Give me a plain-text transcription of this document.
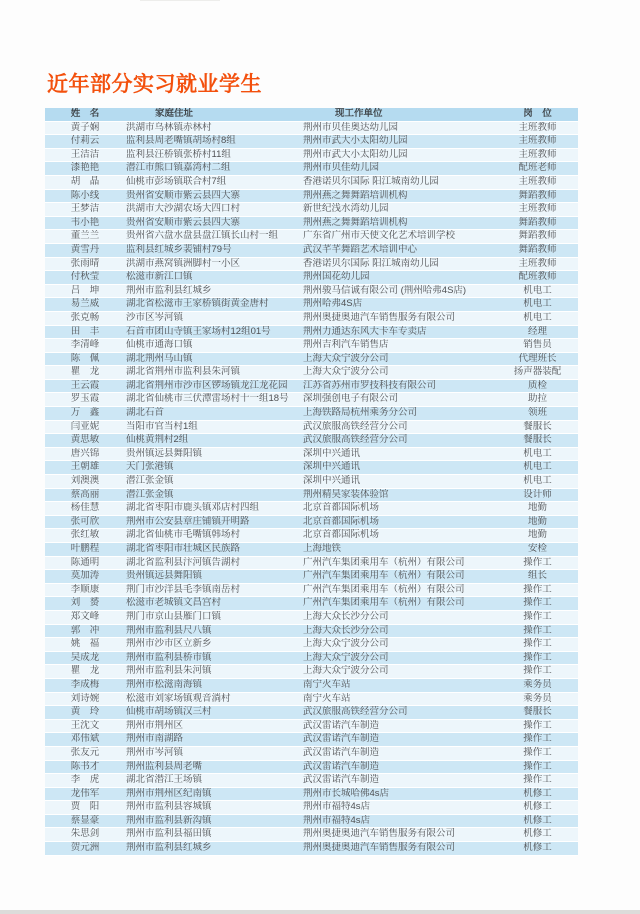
近年部分实习就业学生
姓　名	家庭住址	现工作单位	岗　位
黄子娴	洪湖市乌林镇赤林村	荆州市贝佳奥达幼儿园	主班教师
付莉云	监利县周老嘴镇胡场村8组	荆州市武大小太阳幼儿园	主班教师
王洁洁	监利县汪桥镇张桥村11组	荆州市武大小太阳幼儿园	主班教师
漆艳艳	潜江市熊口镇嘉湾村二组	荆州市贝佳幼儿园	配班老师
胡　晶	仙桃市彭场镇联合村7组	香港诺贝尔国际 阳江城南幼儿园	主班教师
陈小线	贵州省安顺市紫云县四大寨	荆州燕之舞舞蹈培训机构	舞蹈教师
王梦洁	洪湖市大沙湖农场大四口村	新世纪浅水湾幼儿园	主班教师
韦小艳	贵州省安顺市紫云县四大寨	荆州燕之舞舞蹈培训机构	舞蹈教师
董兰兰	贵州省六盘水盘县盘江镇长山村一组	广东省广州市天使文化艺术培训学校	舞蹈教师
黄雪丹	监利县红城乡裴铺村79号	武汉芊芊舞蹈艺术培训中心	舞蹈教师
张雨晴	洪湖市燕窝镇洲脚村一小区	香港诺贝尔国际 阳江城南幼儿园	主班教师
付秋莹	松滋市新江口镇	荆州国花幼儿园	配班教师
吕　坤	荆州市监利县红城乡	荆州骏马信诚有限公司 (荆州哈弗4S店)	机电工
易兰威	湖北省松滋市王家桥镇街黄金唐村	荆州哈弗4S店	机电工
张克畅	沙市区岑河镇	荆州奥捷奥迪汽车销售服务有限公司	机电工
田　丰	石首市团山寺镇王家场村12组01号	荆州力通达东风大卡车专卖店	经理
李清峰	仙桃市通海口镇	荆州吉利汽车销售店	销售员
陈　佩	湖北荆州马山镇	上海大众宁波分公司	代理班长
瞿　龙	湖北省荆州市监利县朱河镇	上海大众宁波分公司	扬声器装配
王云霞	湖北省荆州市沙市区锣场镇龙江龙花园	江苏省苏州市罗技科技有限公司	质检
罗玉霞	湖北省仙桃市三伏潭雷场村十一组18号	深圳强创电子有限公司	助拉
万　鑫	湖北石首	上海铁路局杭州乘务分公司	领班
闫亚妮	当阳市官当村1组	武汉旅服高铁经营分公司	餐服长
黄思敏	仙桃黄荆村2组	武汉旅服高铁经营分公司	餐服长
唐兴锦	贵州镇远县舞阳镇	深圳中兴通讯	机电工
王朝雄	天门张港镇	深圳中兴通讯	机电工
刘澳澳	潜江张金镇	深圳中兴通讯	机电工
蔡高丽	潜江张金镇	荆州精昊家装体验馆	设计师
杨佳慧	湖北省枣阳市鹿头镇邓店村四组	北京首都国际机场	地勤
张可欣	荆州市公安县章庄铺镇开明路	北京首都国际机场	地勤
张红敏	湖北省仙桃市毛嘴镇韩场村	北京首都国际机场	地勤
叶鹏程	湖北省枣阳市壮城区民族路	上海地铁	安检
陈通明	湖北省监利县汴河镇告湖村	广州汽车集团乘用车（杭州）有限公司	操作工
莫加涛	贵州镇远县舞阳镇	广州汽车集团乘用车（杭州）有限公司	组长
李顺康	荆门市沙洋县毛李镇南岳村	广州汽车集团乘用车（杭州）有限公司	操作工
刘　赟	松滋市老城镇文昌宫村	广州汽车集团乘用车（杭州）有限公司	操作工
郑文峰	荆门市京山县雁门口镇	上海大众长沙分公司	操作工
郭　冲	荆州市监利县尺八镇	上海大众长沙分公司	操作工
姚　福	荆州市沙市区立新乡	上海大众宁波分公司	操作工
吴成龙	荆州市监利县桥市镇	上海大众宁波分公司	操作工
瞿　龙	荆州市监利县朱河镇	上海大众宁波分公司	操作工
李成梅	荆州市松滋南海镇	南宁火车站	乘务员
刘诗婉	松滋市刘家场镇观音淌村	南宁火车站	乘务员
黄　玲	仙桃市胡场镇汉三村	武汉旅服高铁经营分公司	餐服长
王沈文	荆州市荆州区	武汉雷诺汽车制造	操作工
邓伟斌	荆州市南湖路	武汉雷诺汽车制造	操作工
张友元	荆州市岑河镇	武汉雷诺汽车制造	操作工
陈书才	荆州监利县周老嘴	武汉雷诺汽车制造	操作工
李　虎	湖北省潜江王场镇	武汉雷诺汽车制造	操作工
龙伟军	荆州市荆州区纪南镇	荆州市长城哈佛4s店	机修工
贾　阳	荆州市监利县容城镇	荆州市福特4s店	机修工
蔡显豪	荆州市监利县新沟镇	荆州市福特4s店	机修工
朱思剑	荆州市监利县福田镇	荆州奥捷奥迪汽车销售服务有限公司	机修工
贺元洲	荆州市监利县红城乡	荆州奥捷奥迪汽车销售服务有限公司	机修工
